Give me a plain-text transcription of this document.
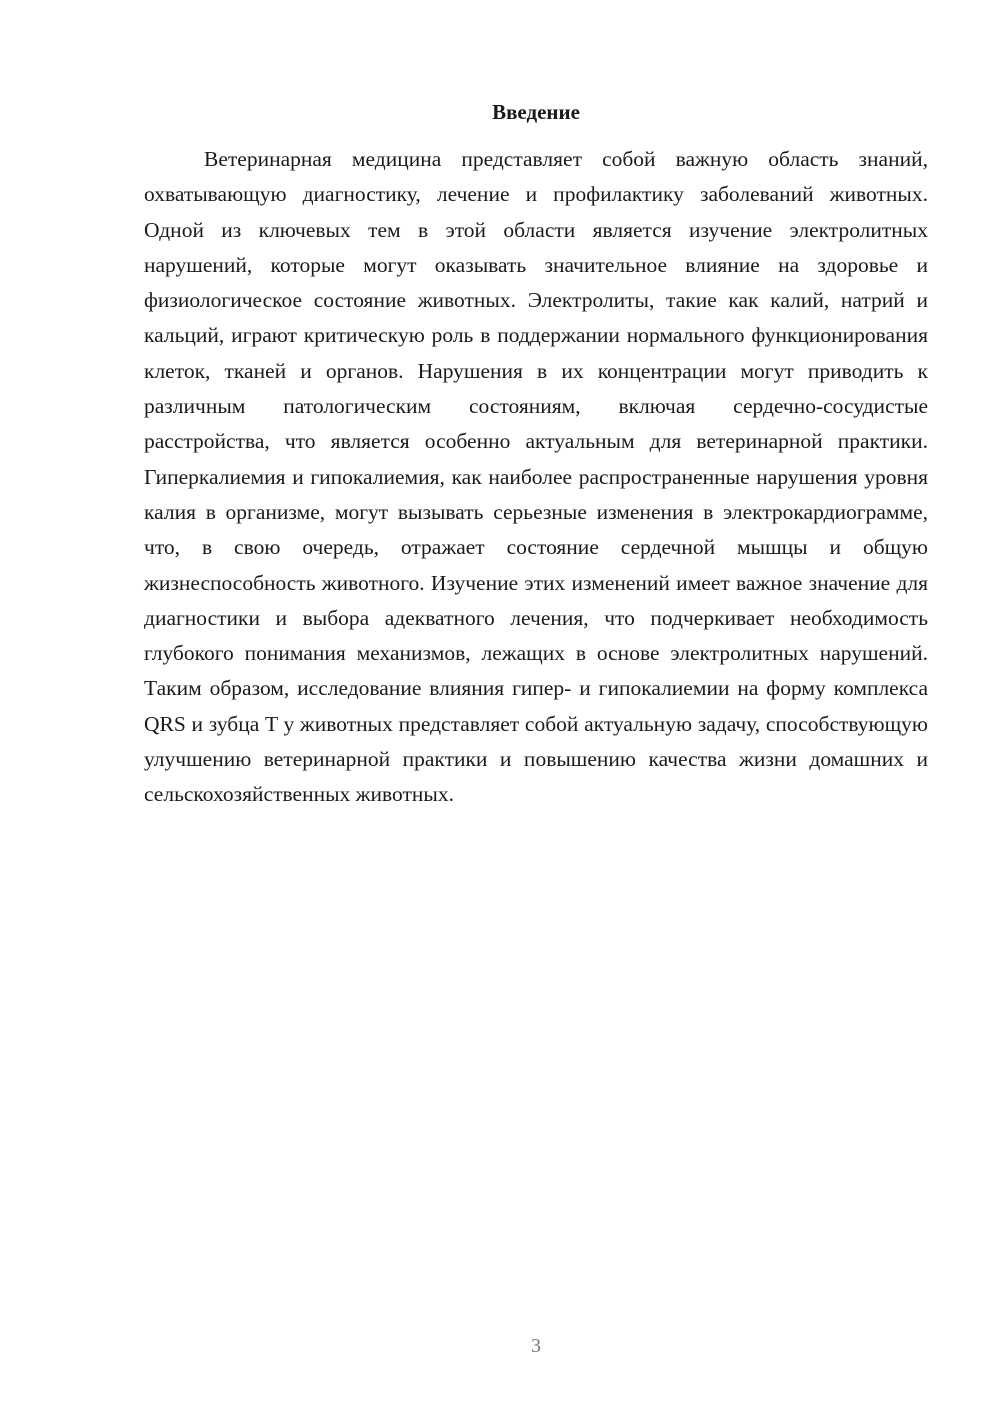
Введение

Ветеринарная медицина представляет собой важную область знаний, охватывающую диагностику, лечение и профилактику заболеваний животных. Одной из ключевых тем в этой области является изучение электролитных нарушений, которые могут оказывать значительное влияние на здоровье и физиологическое состояние животных. Электролиты, такие как калий, натрий и кальций, играют критическую роль в поддержании нормального функционирования клеток, тканей и органов. Нарушения в их концентрации могут приводить к различным патологическим состояниям, включая сердечно-сосудистые расстройства, что является особенно актуальным для ветеринарной практики. Гиперкалиемия и гипокалиемия, как наиболее распространенные нарушения уровня калия в организме, могут вызывать серьезные изменения в электрокардиограмме, что, в свою очередь, отражает состояние сердечной мышцы и общую жизнеспособность животного. Изучение этих изменений имеет важное значение для диагностики и выбора адекватного лечения, что подчеркивает необходимость глубокого понимания механизмов, лежащих в основе электролитных нарушений. Таким образом, исследование влияния гипер- и гипокалиемии на форму комплекса QRS и зубца T у животных представляет собой актуальную задачу, способствующую улучшению ветеринарной практики и повышению качества жизни домашних и сельскохозяйственных животных.

3
